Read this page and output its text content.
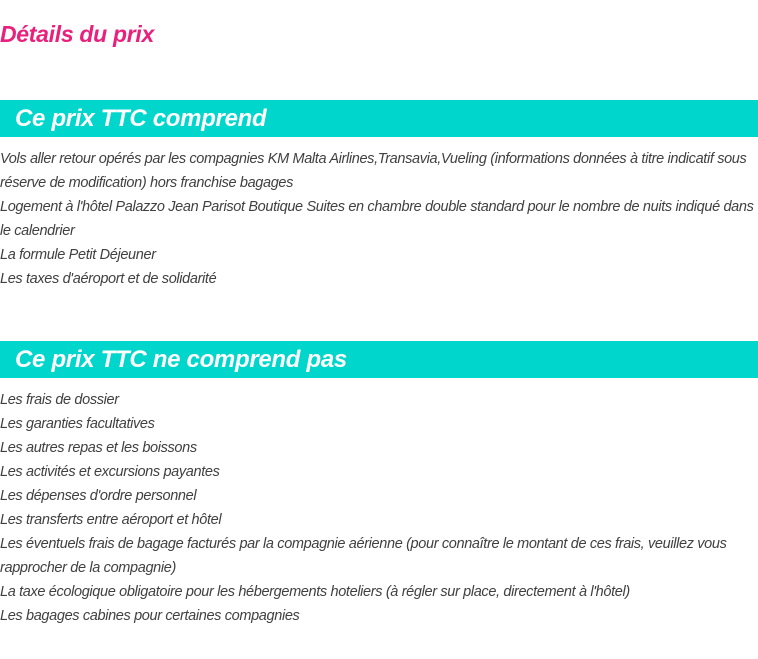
Détails du prix
Ce prix TTC comprend
Vols aller retour opérés par les compagnies KM Malta Airlines,Transavia,Vueling (informations données à titre indicatif sous réserve de modification) hors franchise bagages
Logement à l'hôtel Palazzo Jean Parisot Boutique Suites en chambre double standard pour le nombre de nuits indiqué dans le calendrier
La formule Petit Déjeuner
Les taxes d'aéroport et de solidarité
Ce prix TTC ne comprend pas
Les frais de dossier
Les garanties facultatives
Les autres repas et les boissons
Les activités et excursions payantes
Les dépenses d'ordre personnel
Les transferts entre aéroport et hôtel
Les éventuels frais de bagage facturés par la compagnie aérienne (pour connaître le montant de ces frais, veuillez vous rapprocher de la compagnie)
La taxe écologique obligatoire pour les hébergements hoteliers (à régler sur place, directement à l'hôtel)
Les bagages cabines pour certaines compagnies
